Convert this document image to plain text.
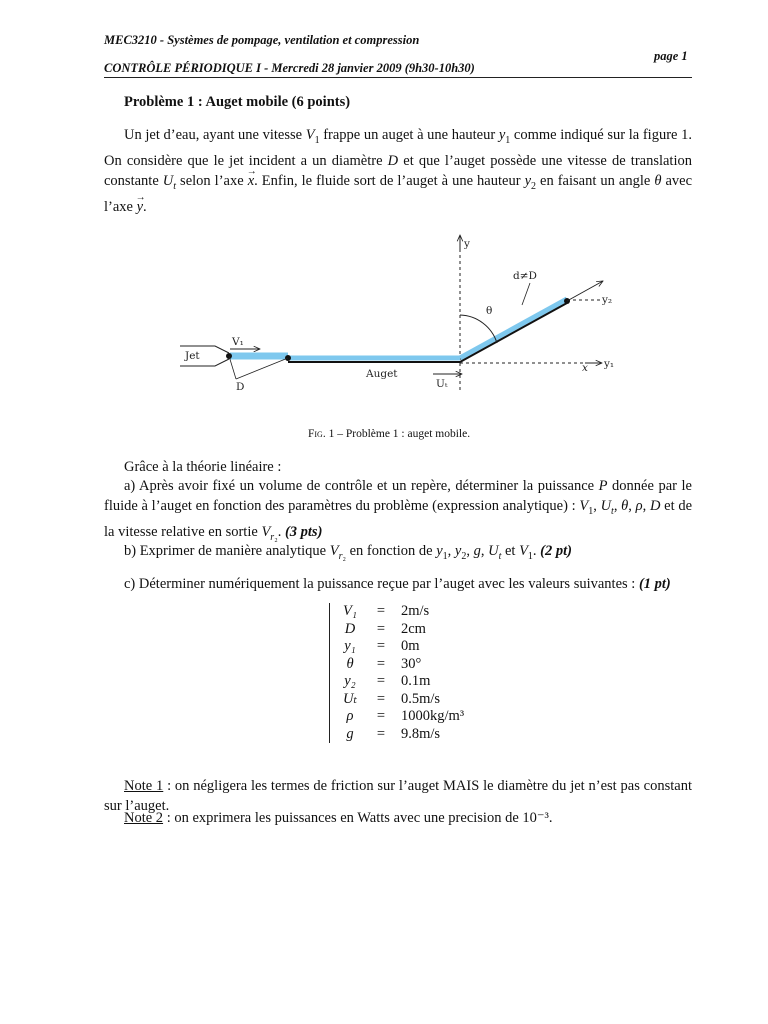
MEC3210 - Systèmes de pompage, ventilation et compression
page 1
CONTRÔLE PÉRIODIQUE I - Mercredi 28 janvier 2009 (9h30-10h30)
Problème 1 : Auget mobile (6 points)
Un jet d’eau, ayant une vitesse $V_1$ frappe un auget à une hauteur $y_1$ comme indiqué sur la figure 1. On considère que le jet incident a un diamètre D et que l’auget possède une vitesse de translation constante $U_t$ selon l’axe
→
x. Enfin, le fluide sort de l’auget à une hauteur $y_2$ en faisant un angle θ avec l’axe
→
y.
y
y₁
x
y₂
d≠D
θ
Jet
V₁
D
Auget
Uₜ
Fig. 1 – Problème 1 : auget mobile.
Grâce à la théorie linéaire :
a) Après avoir fixé un volume de contrôle et un repère, déterminer la puissance P donnée par le fluide à l’auget en fonction des paramètres du problème (expression analytique) : $V_1$, $U_t$, θ, ρ, D et de la vitesse relative en sortie $V_{r_2}$. (3 pts)
b) Exprimer de manière analytique $V_{r_2}$ en fonction de $y_1$, $y_2$, g, $U_t$ et $V_1$. (2 pt)
c) Déterminer numériquement la puissance reçue par l’auget avec les valeurs suivantes : (1 pt)
V₁	=	2m/s
D	=	2cm
y₁	=	0m
θ	=	30°
y₂	=	0.1m
Uₜ	=	0.5m/s
ρ	=	1000kg/m³
g	=	9.8m/s
Note 1 : on négligera les termes de friction sur l’auget MAIS le diamètre du jet n’est pas constant sur l’auget.
Note 2 : on exprimera les puissances en Watts avec une precision de 10⁻³.
